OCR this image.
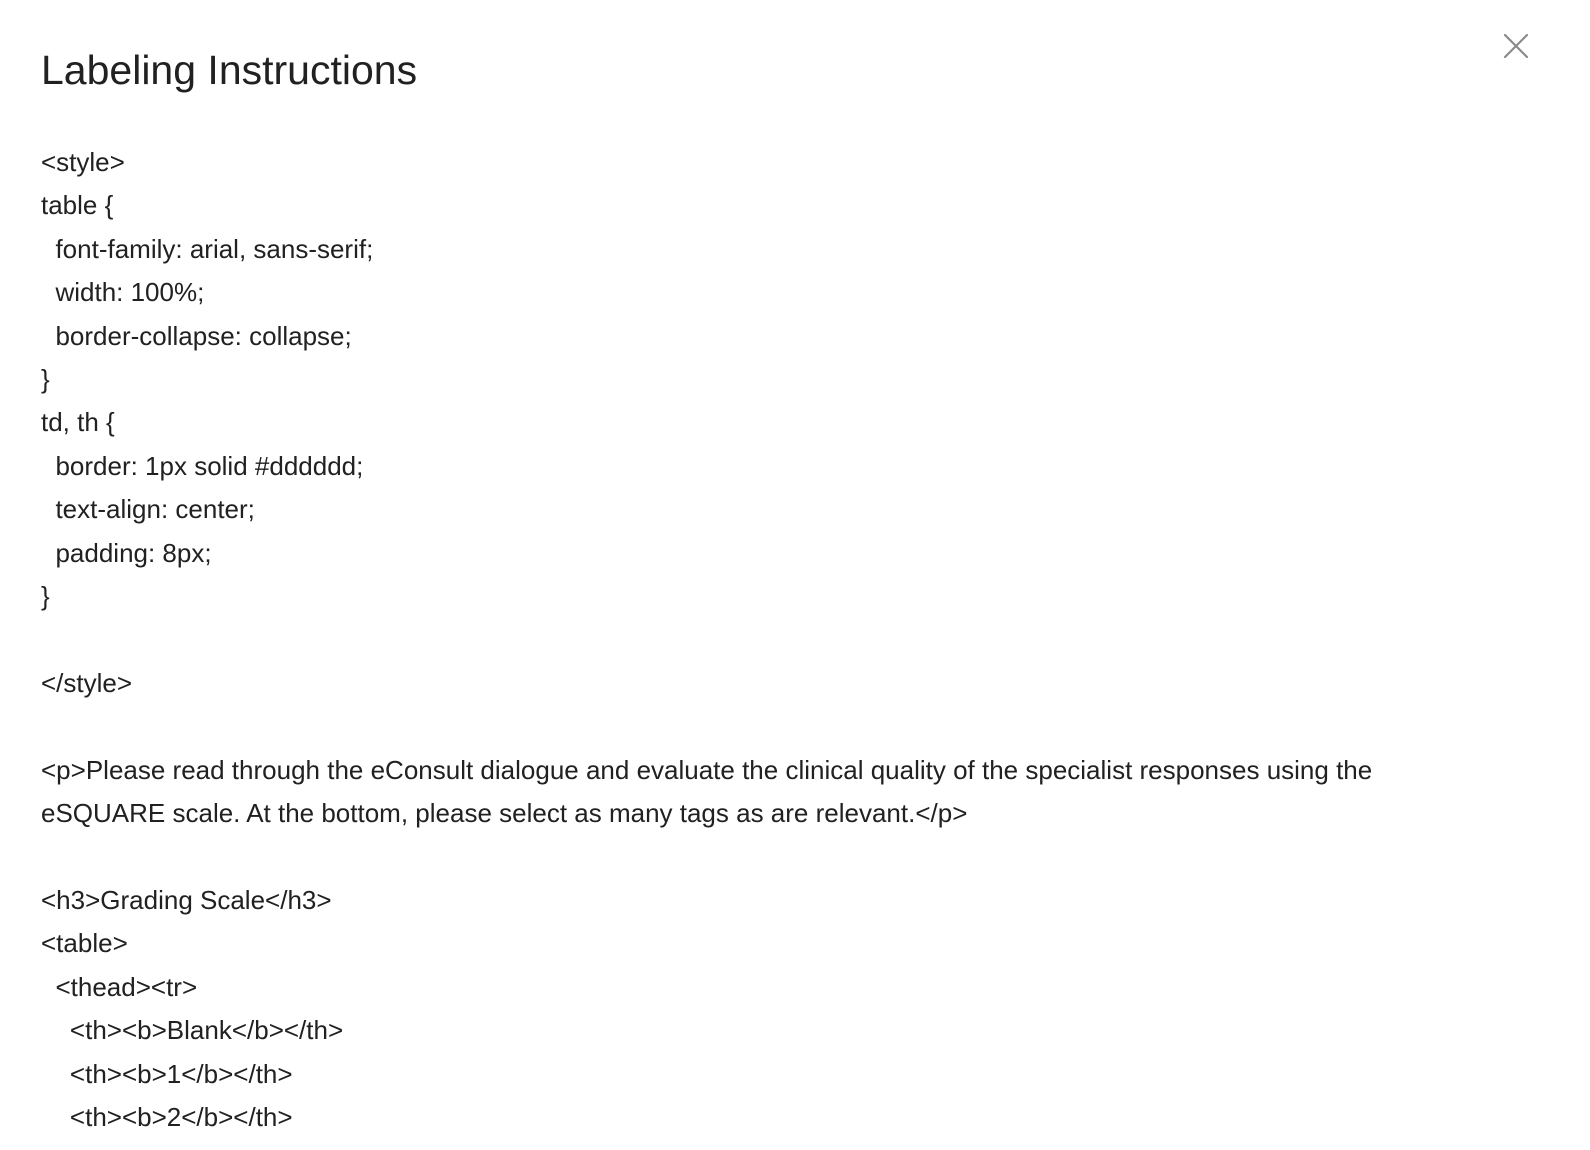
Labeling Instructions
<style>
table {
font-family: arial, sans-serif;
width: 100%;
border-collapse: collapse;
}
td, th {
border: 1px solid #dddddd;
text-align: center;
padding: 8px;
}

</style>

<p>Please read through the eConsult dialogue and evaluate the clinical quality of the specialist responses using the eSQUARE scale. At the bottom, please select as many tags as are relevant.</p>

<h3>Grading Scale</h3>
<table>
<thead><tr>
<th><b>Blank</b></th>
<th><b>1</b></th>
<th><b>2</b></th>
